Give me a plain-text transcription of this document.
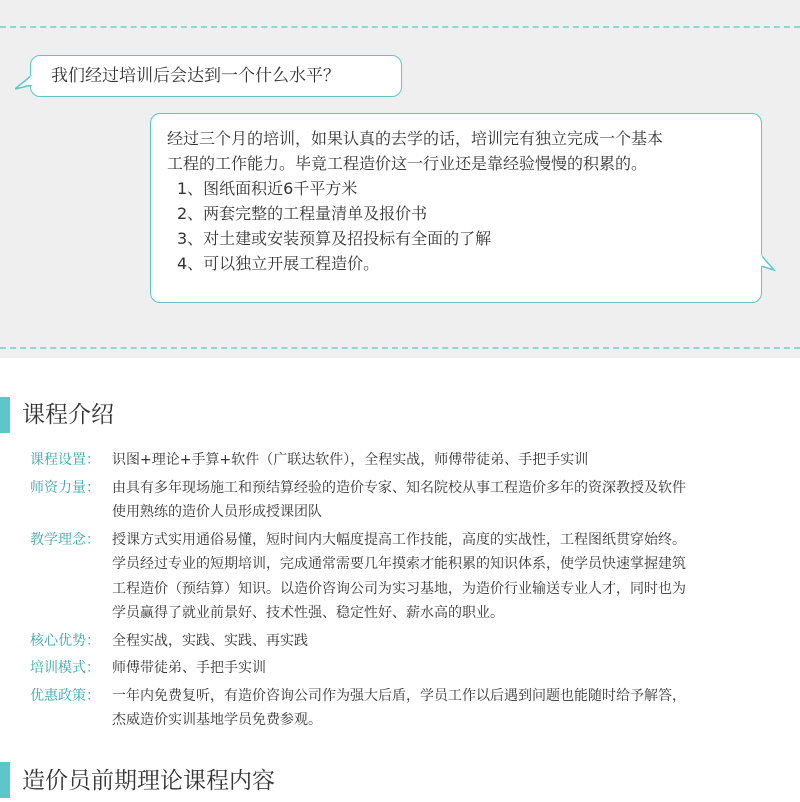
我们经过培训后会达到一个什么水平？
经过三个月的培训，如果认真的去学的话，培训完有独立完成一个基本
工程的工作能力。毕竟工程造价这一行业还是靠经验慢慢的积累的。
1、图纸面积近6千平方米
2、两套完整的工程量清单及报价书
3、对土建或安装预算及招投标有全面的了解
4、可以独立开展工程造价。
课程介绍
课程设置： 识图+理论+手算+软件（广联达软件），全程实战，师傅带徒弟、手把手实训
师资力量： 由具有多年现场施工和预结算经验的造价专家、知名院校从事工程造价多年的资深教授及软件
使用熟练的造价人员形成授课团队
教学理念： 授课方式实用通俗易懂，短时间内大幅度提高工作技能，高度的实战性，工程图纸贯穿始终。
学员经过专业的短期培训，完成通常需要几年摸索才能积累的知识体系，使学员快速掌握建筑
工程造价（预结算）知识。以造价咨询公司为实习基地，为造价行业输送专业人才，同时也为
学员赢得了就业前景好、技术性强、稳定性好、薪水高的职业。
核心优势： 全程实战，实践、实践、再实践
培训模式： 师傅带徒弟、手把手实训
优惠政策： 一年内免费复听，有造价咨询公司作为强大后盾，学员工作以后遇到问题也能随时给予解答，
杰威造价实训基地学员免费参观。
造价员前期理论课程内容
